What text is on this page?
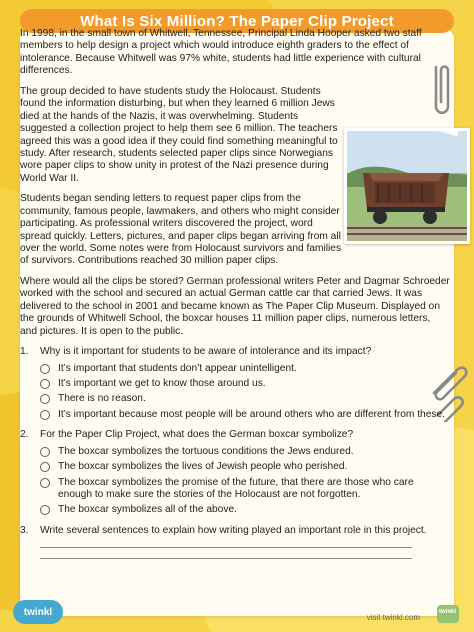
What Is Six Million? The Paper Clip Project

In 1998, in the small town of Whitwell, Tennessee, Principal Linda Hooper asked two staff members to help design a project which would introduce eighth graders to the effect of intolerance. Because Whitwell was 97% white, students had little experience with cultural differences.

The group decided to have students study the Holocaust. Students found the information disturbing, but when they learned 6 million Jews died at the hands of the Nazis, it was overwhelming. Students suggested a collection project to help them see 6 million. The teachers agreed this was a good idea if they could find something meaningful to study. After research, students selected paper clips since Norwegians wore paper clips to show unity in protest of the Nazi presence during World War II.

Students began sending letters to request paper clips from the community, famous people, lawmakers, and others who might consider participating. As professional writers discovered the project, word spread quickly. Letters, pictures, and paper clips began arriving from all over the world. Some notes were from Holocaust survivors and families of survivors. Contributions reached 30 million paper clips.

Where would all the clips be stored? German professional writers Peter and Dagmar Schroeder worked with the school and secured an actual German cattle car that carried Jews. It was delivered to the school in 2001 and became known as The Paper Clip Museum. Displayed on the grounds of Whitwell School, the boxcar houses 11 million paper clips, numerous letters, and pictures. It is open to the public.

1.	Why is it important for students to be aware of intolerance and its impact?
It’s important that students don’t appear unintelligent.
It’s important we get to know those around us.
There is no reason.
It’s important because most people will be around others who are different from these.
2.	For the Paper Clip Project, what does the German boxcar symbolize?
The boxcar symbolizes the tortuous conditions the Jews endured.
The boxcar symbolizes the lives of Jewish people who perished.
The boxcar symbolizes the promise of the future, that there are those who care enough to make sure the stories of the Holocaust are not forgotten.
The boxcar symbolizes all of the above.
3.	Write several sentences to explain how writing played an important role in this project.
twinkl	visit twinkl.com
twinkl
